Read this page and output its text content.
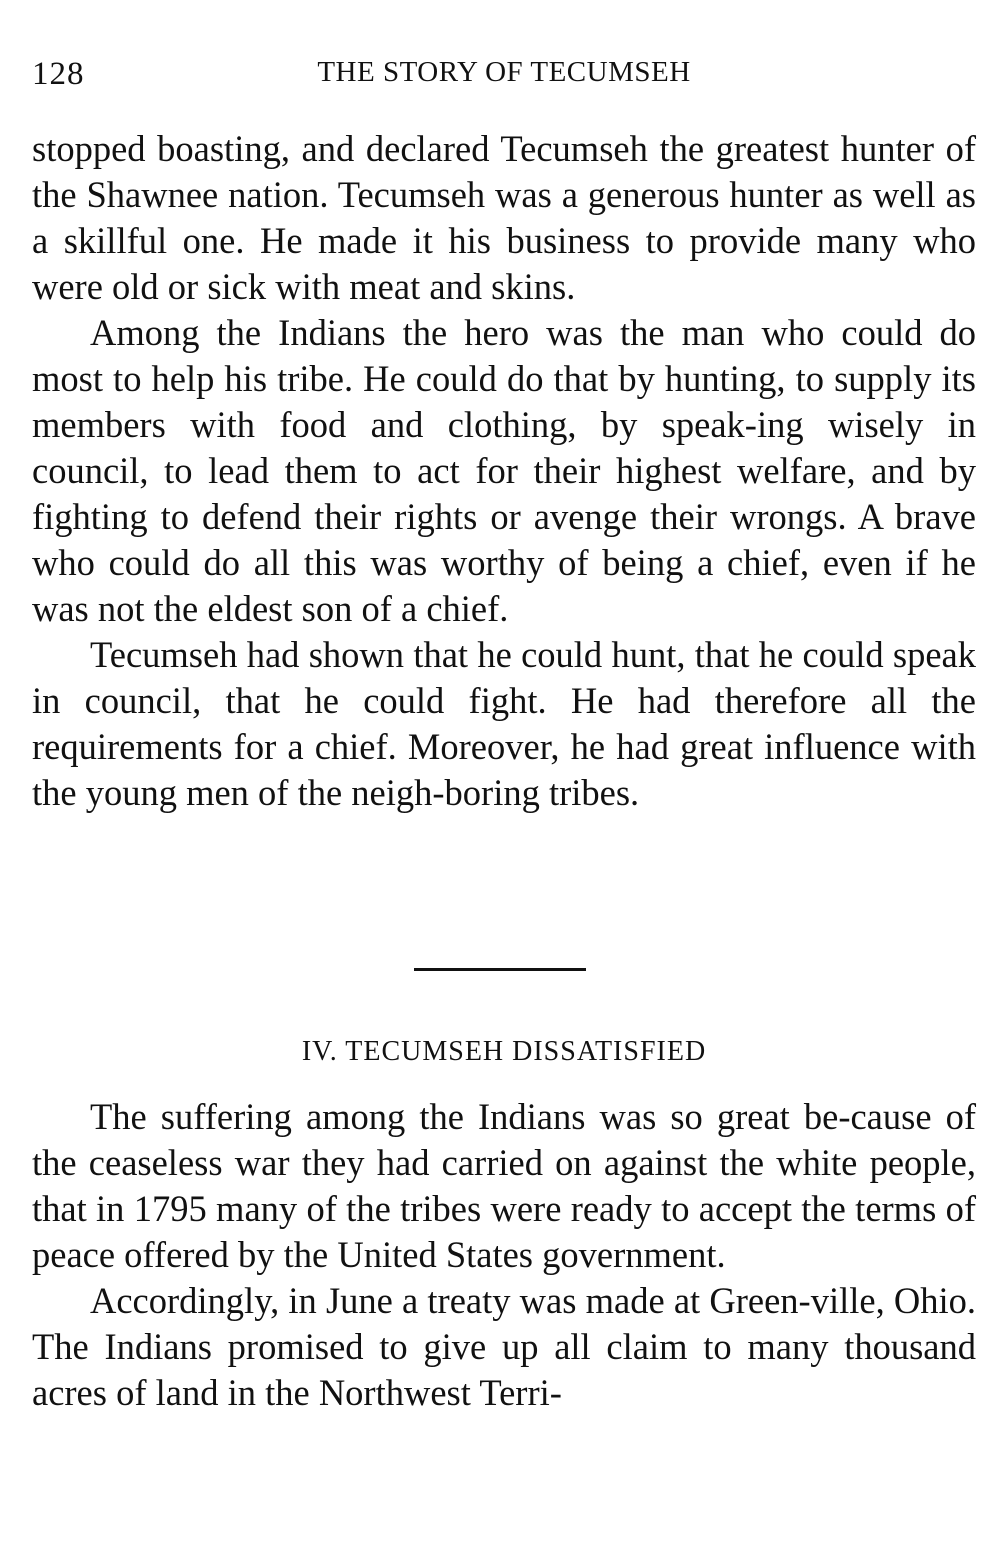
128	THE STORY OF TECUMSEH

stopped boasting, and declared Tecumseh the greatest hunter of the Shawnee nation. Tecumseh was a generous hunter as well as a skillful one. He made it his business to provide many who were old or sick with meat and skins.

Among the Indians the hero was the man who could do most to help his tribe. He could do that by hunting, to supply its members with food and clothing, by speak-ing wisely in council, to lead them to act for their highest welfare, and by fighting to defend their rights or avenge their wrongs. A brave who could do all this was worthy of being a chief, even if he was not the eldest son of a chief.

Tecumseh had shown that he could hunt, that he could speak in council, that he could fight. He had therefore all the requirements for a chief. Moreover, he had great influence with the young men of the neigh-boring tribes.

IV. TECUMSEH DISSATISFIED

The suffering among the Indians was so great be-cause of the ceaseless war they had carried on against the white people, that in 1795 many of the tribes were ready to accept the terms of peace offered by the United States government.

Accordingly, in June a treaty was made at Green-ville, Ohio. The Indians promised to give up all claim to many thousand acres of land in the Northwest Terri-
